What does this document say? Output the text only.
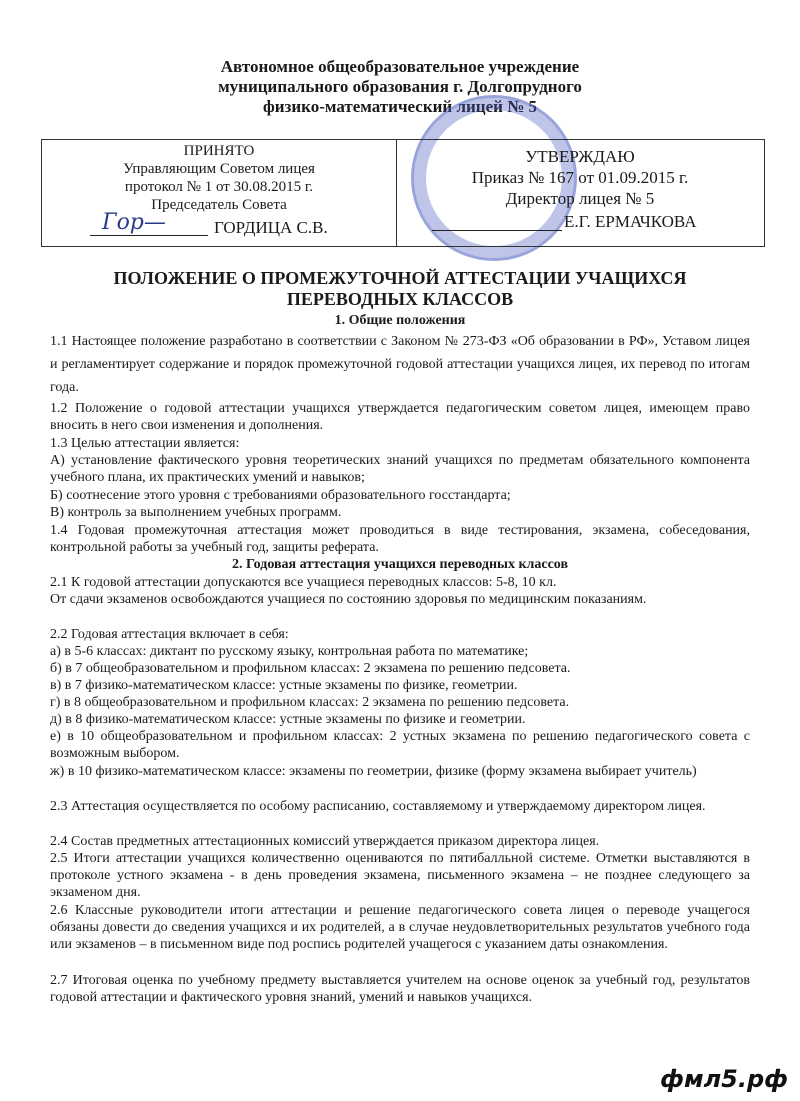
Автономное общеобразовательное учреждение
муниципального образования г. Долгопрудного
физико-математический лицей № 5
ПРИНЯТО
Управляющим Советом лицея
протокол № 1 от 30.08.2015 г.
Председатель Совета
Гор—	ГОРДИЦА С.В.
УТВЕРЖДАЮ
Приказ № 167 от 01.09.2015 г.
Директор лицея № 5
Е.Г. ЕРМАЧКОВА
ПОЛОЖЕНИЕ О ПРОМЕЖУТОЧНОЙ АТТЕСТАЦИИ УЧАЩИХСЯ
ПЕРЕВОДНЫХ КЛАССОВ
1. Общие положения
1.1 Настоящее положение разработано в соответствии с Законом № 273-ФЗ «Об образовании в РФ», Уставом лицея и регламентирует содержание и порядок промежуточной годовой аттестации учащихся лицея, их перевод по итогам года.
1.2 Положение о годовой аттестации учащихся утверждается педагогическим советом лицея, имеющем право вносить в него свои изменения и дополнения.
1.3 Целью аттестации является:
А) установление фактического уровня теоретических знаний учащихся по предметам обязательного компонента учебного плана, их практических умений и навыков;
Б) соотнесение этого уровня с требованиями образовательного госстандарта;
В) контроль за выполнением учебных программ.
1.4 Годовая промежуточная аттестация может проводиться в виде тестирования, экзамена, собеседования, контрольной работы за учебный год, защиты реферата.
2. Годовая аттестация учащихся переводных классов
2.1 К годовой аттестации допускаются все учащиеся переводных классов: 5-8, 10 кл.
От сдачи экзаменов освобождаются учащиеся по состоянию здоровья по медицинским показаниям.
2.2 Годовая аттестация включает в себя:
а) в 5-6 классах: диктант по русскому языку, контрольная работа по математике;
б) в 7 общеобразовательном и профильном классах: 2 экзамена по решению педсовета.
в) в 7 физико-математическом классе: устные экзамены по физике, геометрии.
г) в 8 общеобразовательном и профильном классах: 2 экзамена по решению педсовета.
д) в 8 физико-математическом классе: устные экзамены по физике и геометрии.
е) в 10 общеобразовательном и профильном классах: 2 устных экзамена по решению педагогического совета с возможным выбором.
ж) в 10 физико-математическом классе: экзамены по геометрии, физике (форму экзамена выбирает учитель)
2.3 Аттестация осуществляется по особому расписанию, составляемому и утверждаемому директором лицея.
2.4 Состав предметных аттестационных комиссий утверждается приказом директора лицея.
2.5 Итоги аттестации учащихся количественно оцениваются по пятибалльной системе. Отметки выставляются в протоколе устного экзамена - в день проведения экзамена, письменного экзамена – не позднее следующего за экзаменом дня.
2.6 Классные руководители итоги аттестации и решение педагогического совета лицея о переводе учащегося обязаны довести до сведения учащихся и их родителей, а в случае неудовлетворительных результатов учебного года или экзаменов – в письменном виде под роспись родителей учащегося с указанием даты ознакомления.
2.7 Итоговая оценка по учебному предмету выставляется учителем на основе оценок за учебный год, результатов годовой аттестации и фактического уровня знаний, умений и навыков учащихся.
фмл5.рф
